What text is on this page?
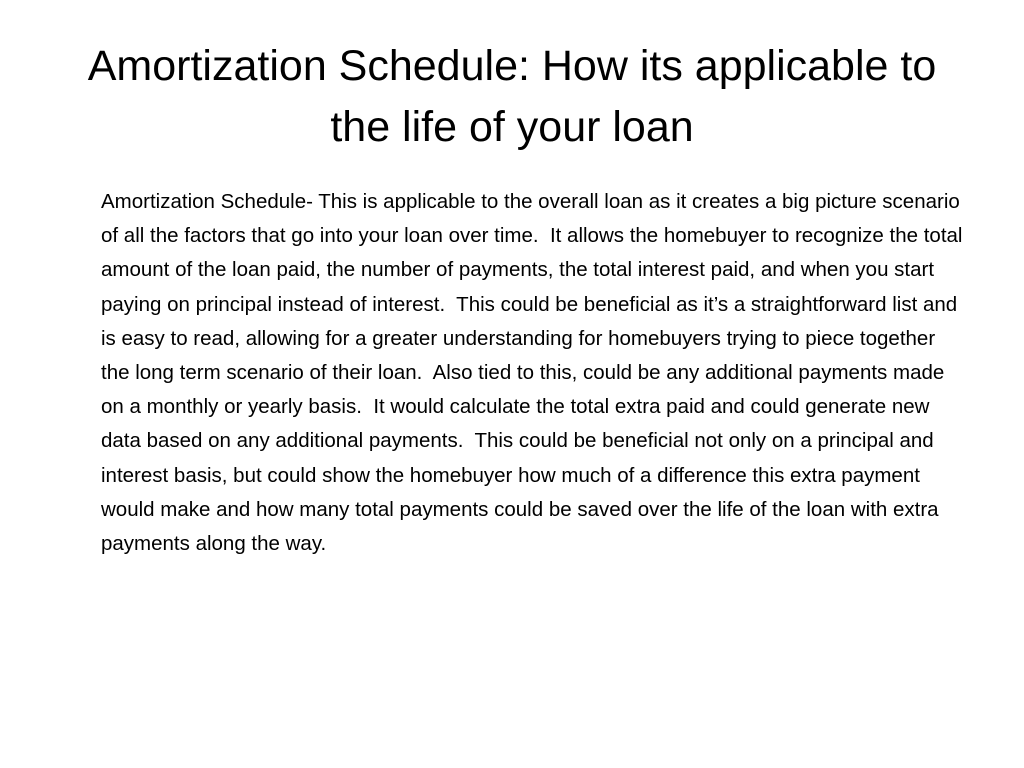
Amortization Schedule: How its applicable to the life of your loan

Amortization Schedule- This is applicable to the overall loan as it creates a big picture scenario of all the factors that go into your loan over time.  It allows the homebuyer to recognize the total amount of the loan paid, the number of payments, the total interest paid, and when you start paying on principal instead of interest.  This could be beneficial as it’s a straightforward list and is easy to read, allowing for a greater understanding for homebuyers trying to piece together the long term scenario of their loan.  Also tied to this, could be any additional payments made on a monthly or yearly basis.  It would calculate the total extra paid and could generate new data based on any additional payments.  This could be beneficial not only on a principal and interest basis, but could show the homebuyer how much of a difference this extra payment would make and how many total payments could be saved over the life of the loan with extra payments along the way.
